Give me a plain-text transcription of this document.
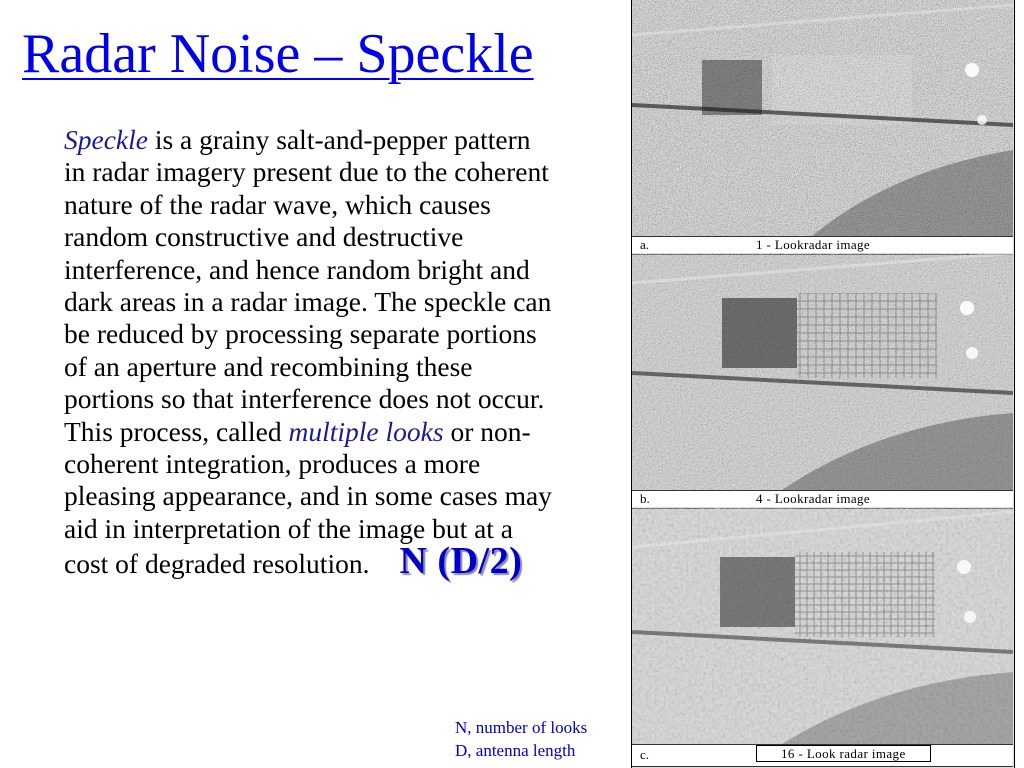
Radar Noise – Speckle

Speckle is a grainy salt-and-pepper pattern in radar imagery present due to the coherent nature of the radar wave, which causes random constructive and destructive interference, and hence random bright and dark areas in a radar image. The speckle can be reduced by processing separate portions of an aperture and recombining these portions so that interference does not occur. This process, called multiple looks or non-coherent integration, produces a more pleasing appearance, and in some cases may aid in interpretation of the image but at a cost of degraded resolution. N (D/2)

N, number of looks
D, antenna length
a.	1 - Lookradar image
b.	4 - Lookradar image
c.	16 - Look radar image
